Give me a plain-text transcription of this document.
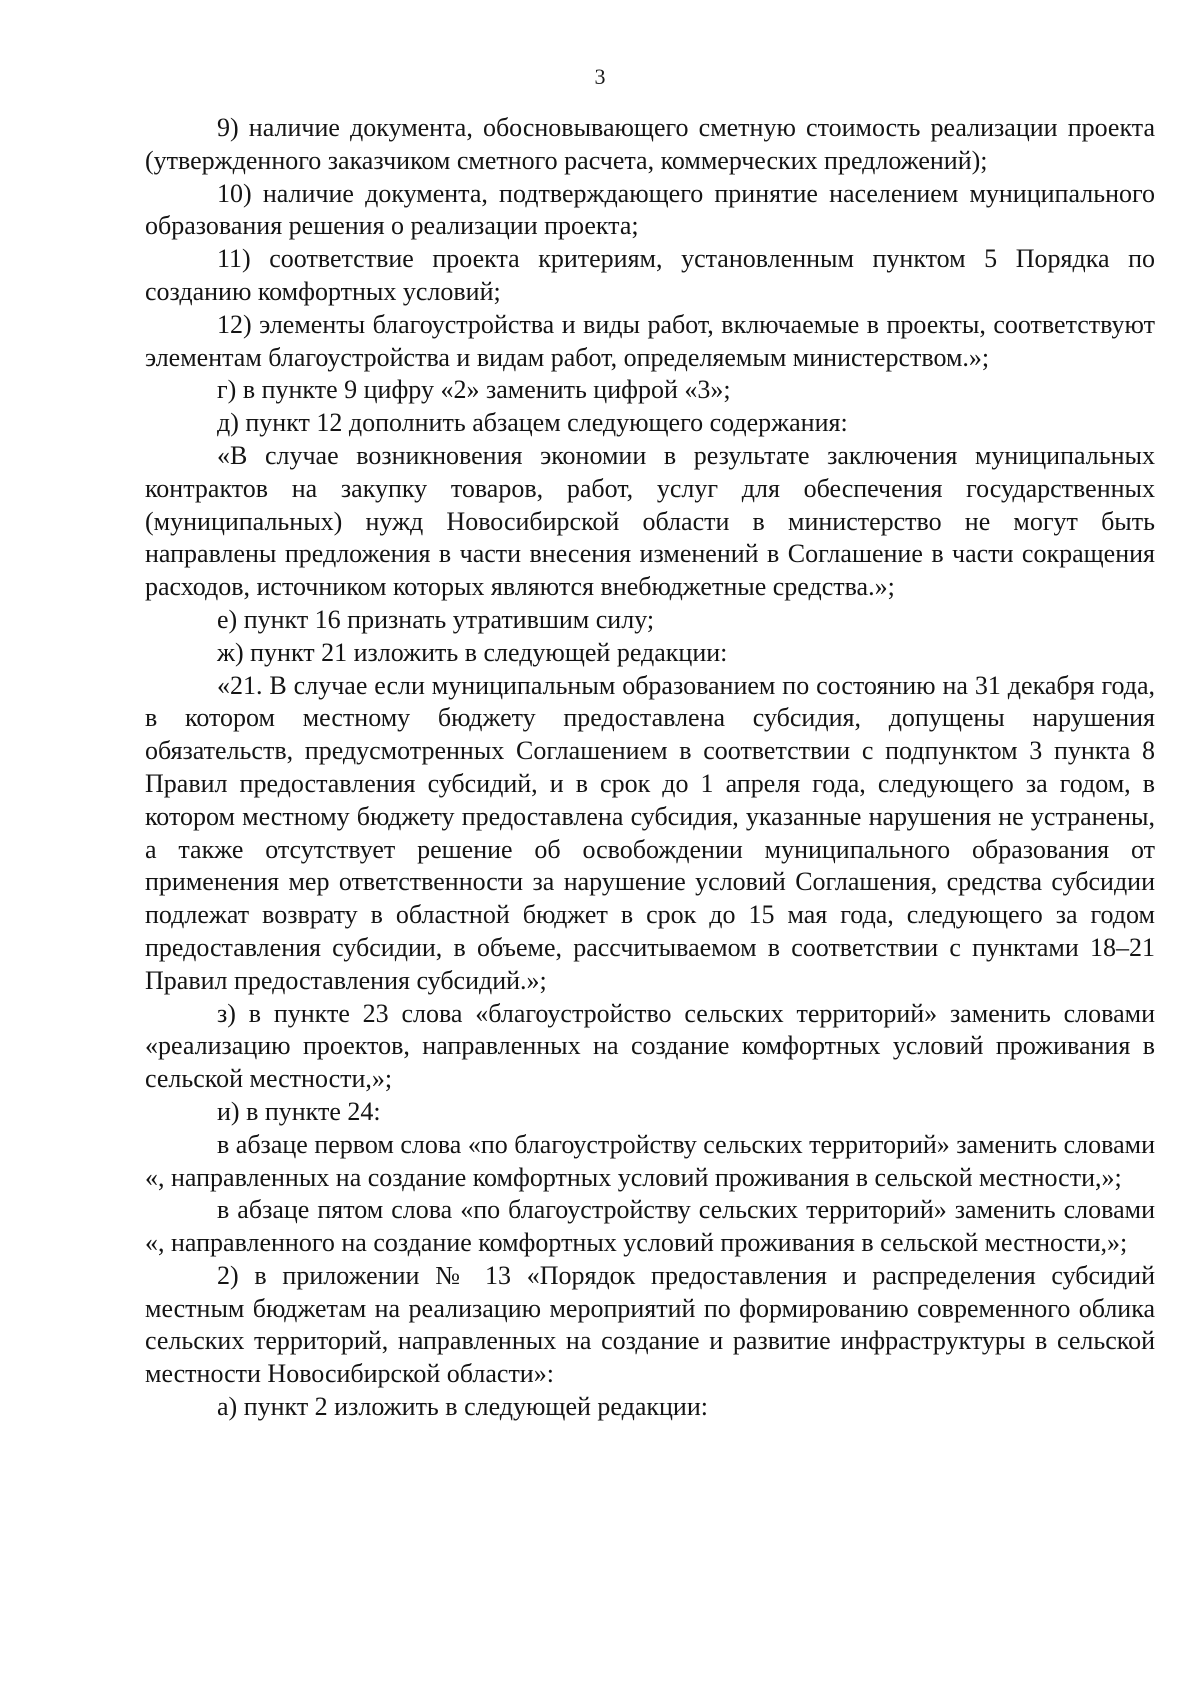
3

9) наличие документа, обосновывающего сметную стоимость реализации проекта (утвержденного заказчиком сметного расчета, коммерческих предложений);

10) наличие документа, подтверждающего принятие населением муниципального образования решения о реализации проекта;

11) соответствие проекта критериям, установленным пунктом 5 Порядка по созданию комфортных условий;

12) элементы благоустройства и виды работ, включаемые в проекты, соответствуют элементам благоустройства и видам работ, определяемым министерством.»;

г) в пункте 9 цифру «2» заменить цифрой «3»;

д) пункт 12 дополнить абзацем следующего содержания:

«В случае возникновения экономии в результате заключения муниципальных контрактов на закупку товаров, работ, услуг для обеспечения государственных (муниципальных) нужд Новосибирской области в министерство не могут быть направлены предложения в части внесения изменений в Соглашение в части сокращения расходов, источником которых являются внебюджетные средства.»;

е) пункт 16 признать утратившим силу;

ж) пункт 21 изложить в следующей редакции:

«21. В случае если муниципальным образованием по состоянию на 31 декабря года, в котором местному бюджету предоставлена субсидия, допущены нарушения обязательств, предусмотренных Соглашением в соответствии с подпунктом 3 пункта 8 Правил предоставления субсидий, и в срок до 1 апреля года, следующего за годом, в котором местному бюджету предоставлена субсидия, указанные нарушения не устранены, а также отсутствует решение об освобождении муниципального образования от применения мер ответственности за нарушение условий Соглашения, средства субсидии подлежат возврату в областной бюджет в срок до 15 мая года, следующего за годом предоставления субсидии, в объеме, рассчитываемом в соответствии с пунктами 18–21 Правил предоставления субсидий.»;

з) в пункте 23 слова «благоустройство сельских территорий» заменить словами «реализацию проектов, направленных на создание комфортных условий проживания в сельской местности,»;

и) в пункте 24:

в абзаце первом слова «по благоустройству сельских территорий» заменить словами «, направленных на создание комфортных условий проживания в сельской местности,»;

в абзаце пятом слова «по благоустройству сельских территорий» заменить словами «, направленного на создание комфортных условий проживания в сельской местности,»;

2) в приложении № 13 «Порядок предоставления и распределения субсидий местным бюджетам на реализацию мероприятий по формированию современного облика сельских территорий, направленных на создание и развитие инфраструктуры в сельской местности Новосибирской области»:

а) пункт 2 изложить в следующей редакции:
